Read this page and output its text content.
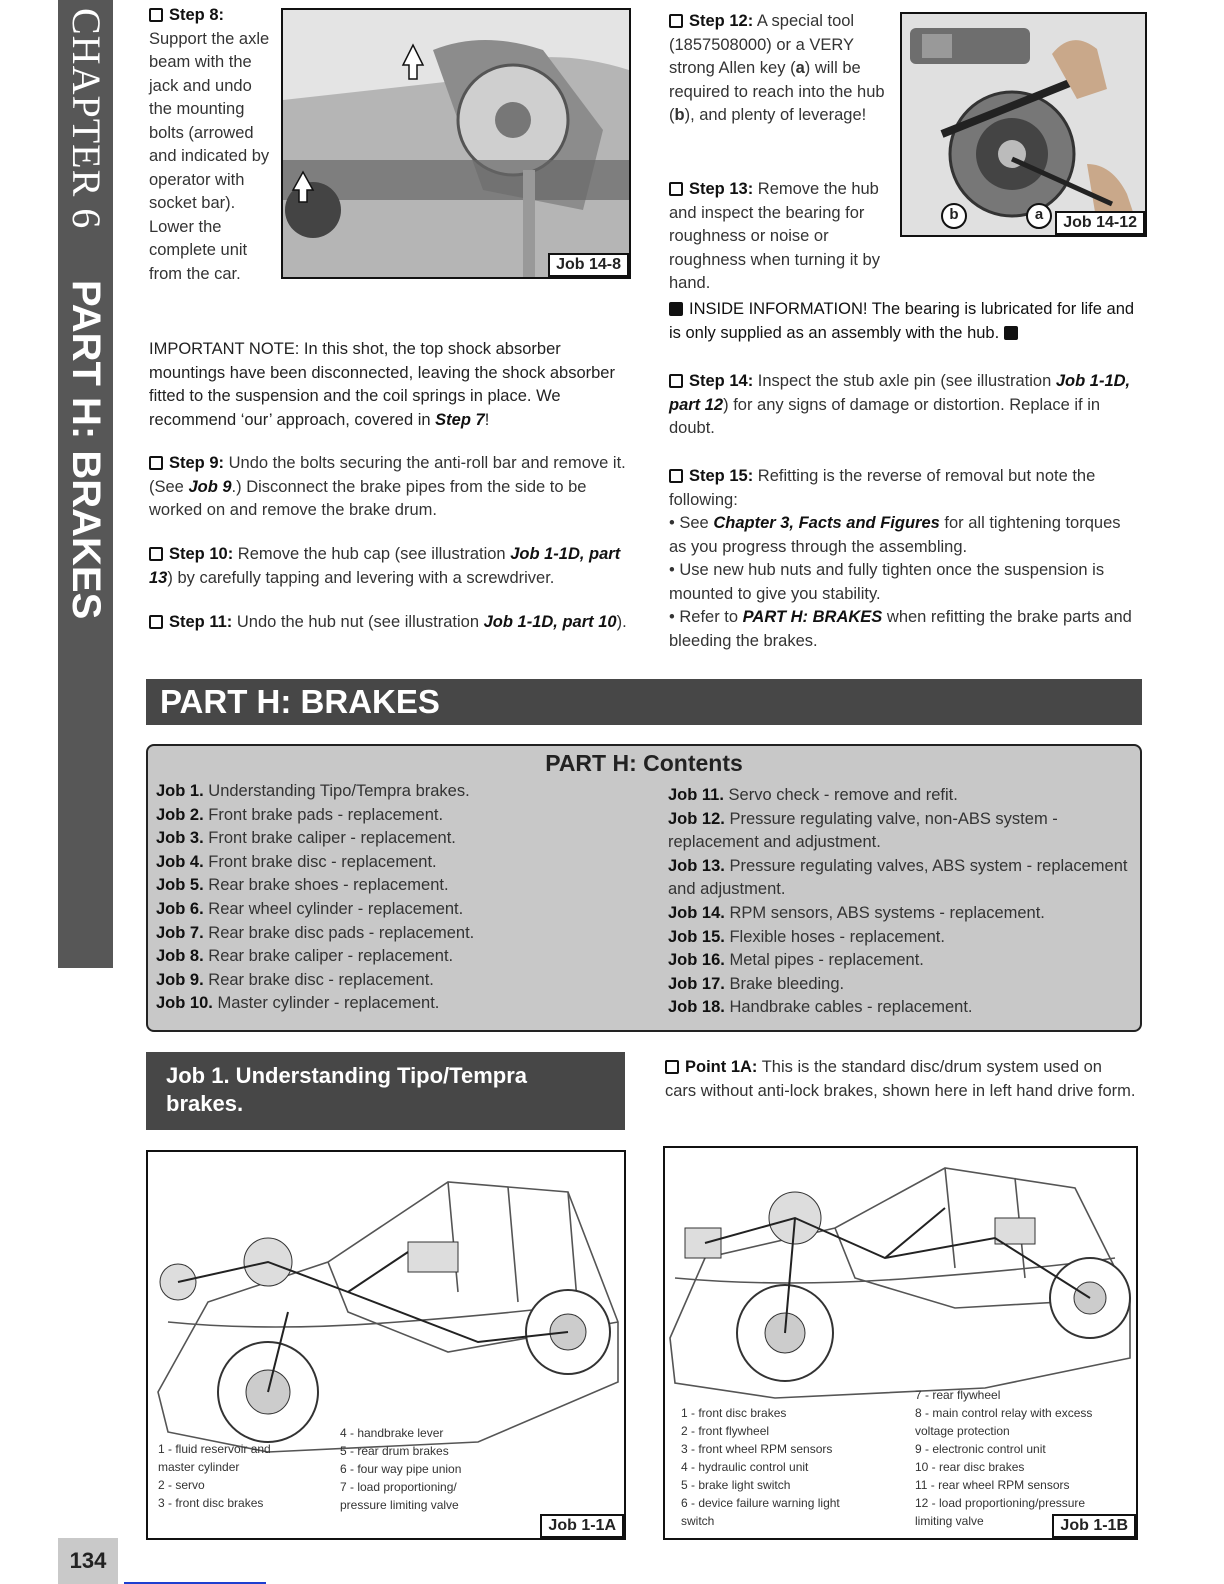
CHAPTER 6 PART H: BRAKES

Step 8:

Support the axle beam with the jack and undo the mounting bolts (arrowed and indicated by operator with socket bar). Lower the complete unit from the car.	Job 14-8

IMPORTANT NOTE: In this shot, the top shock absorber mountings have been disconnected, leaving the shock absorber fitted to the suspension and the coil springs in place. We recommend ‘our’ approach, covered in Step 7!

Step 9: Undo the bolts securing the anti-roll bar and remove it. (See Job 9.) Disconnect the brake pipes from the side to be worked on and remove the brake drum.

Step 10: Remove the hub cap (see illustration Job 1-1D, part 13) by carefully tapping and levering with a screwdriver.

Step 11: Undo the hub nut (see illustration Job 1-1D, part 10).

Step 12: A special tool (1857508000) or a VERY strong Allen key (a) will be required to reach into the hub (b), and plenty of leverage!

b	a	Job 14-12

Step 13: Remove the hub and inspect the bearing for roughness or noise or roughness when turning it by hand.

INSIDE INFORMATION! The bearing is lubricated for life and is only supplied as an assembly with the hub.

Step 14: Inspect the stub axle pin (see illustration Job 1-1D, part 12) for any signs of damage or distortion. Replace if in doubt.

Step 15: Refitting is the reverse of removal but note the following:

• See Chapter 3, Facts and Figures for all tightening torques as you progress through the assembling.

• Use new hub nuts and fully tighten once the suspension is mounted to give you stability.

• Refer to PART H: BRAKES when refitting the brake parts and bleeding the brakes.

PART H: BRAKES
PART H: Contents
Job 1. Understanding Tipo/Tempra brakes.
Job 2. Front brake pads - replacement.
Job 3. Front brake caliper - replacement.
Job 4. Front brake disc - replacement.
Job 5. Rear brake shoes - replacement.
Job 6. Rear wheel cylinder - replacement.
Job 7. Rear brake disc pads - replacement.
Job 8. Rear brake caliper - replacement.
Job 9. Rear brake disc - replacement.
Job 10. Master cylinder - replacement.
Job 11. Servo check - remove and refit.
Job 12. Pressure regulating valve, non-ABS system - replacement and adjustment.
Job 13. Pressure regulating valves, ABS system - replacement and adjustment.
Job 14. RPM sensors, ABS systems - replacement.
Job 15. Flexible hoses - replacement.
Job 16. Metal pipes - replacement.
Job 17. Brake bleeding.
Job 18. Handbrake cables - replacement.
Job 1. Understanding Tipo/Tempra brakes.

Point 1A: This is the standard disc/drum system used on cars without anti-lock brakes, shown here in left hand drive form.

1 - fluid reservoir and
master cylinder
2 - servo
3 - front disc brakes
4 - handbrake lever
5 - rear drum brakes
6 - four way pipe union
7 - load proportioning/
pressure limiting valve
Job 1-1A
1 - front disc brakes
2 - front flywheel
3 - front wheel RPM sensors
4 - hydraulic control unit
5 - brake light switch
6 - device failure warning light
switch
7 - rear flywheel
8 - main control relay with excess
voltage protection
9 - electronic control unit
10 - rear disc brakes
11 - rear wheel RPM sensors
12 - load proportioning/pressure
limiting valve	Job 1-1B
134
